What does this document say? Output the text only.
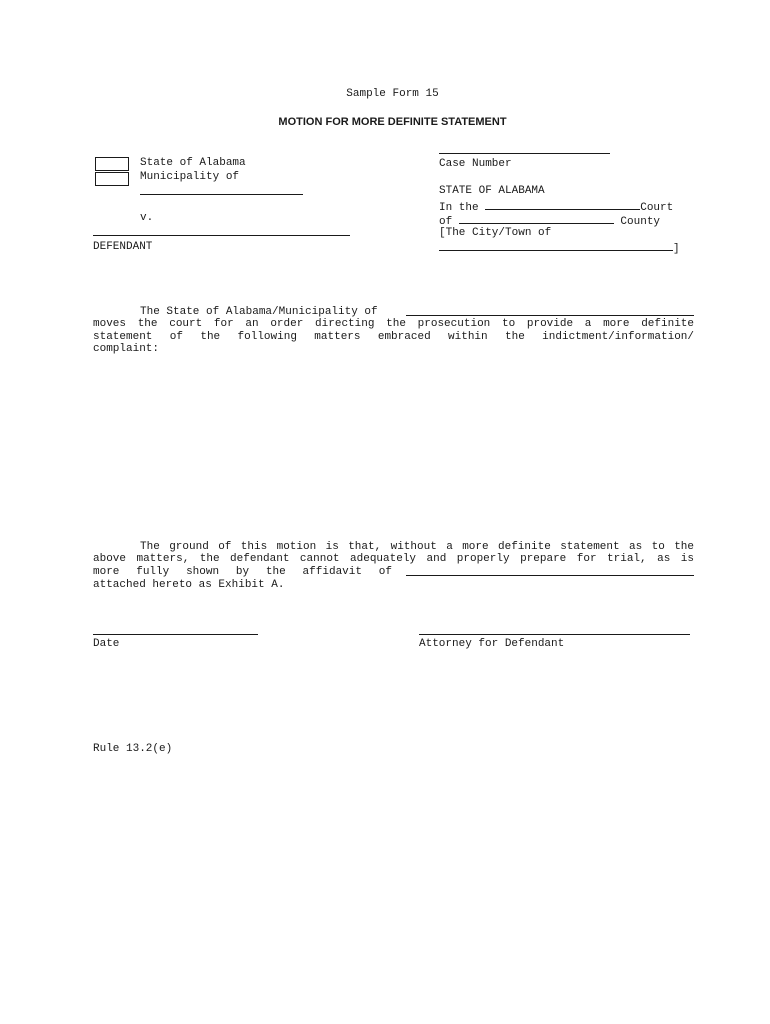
Sample Form 15
MOTION FOR MORE DEFINITE STATEMENT
State of Alabama
Municipality of
v.
DEFENDANT
Case Number
STATE OF ALABAMA
In the	Court
of	County
[The City/Town of
]
The State of Alabama/Municipality of
moves the court for an order directing the prosecution to provide a more definite
statement of the following matters embraced within the indictment/information/
complaint:
The ground of this motion is that, without a more definite statement as to the
above matters, the defendant cannot adequately and properly prepare for trial, as is
more fully shown by the affidavit of
attached hereto as Exhibit A.
Date	Attorney for Defendant
Rule 13.2(e)
